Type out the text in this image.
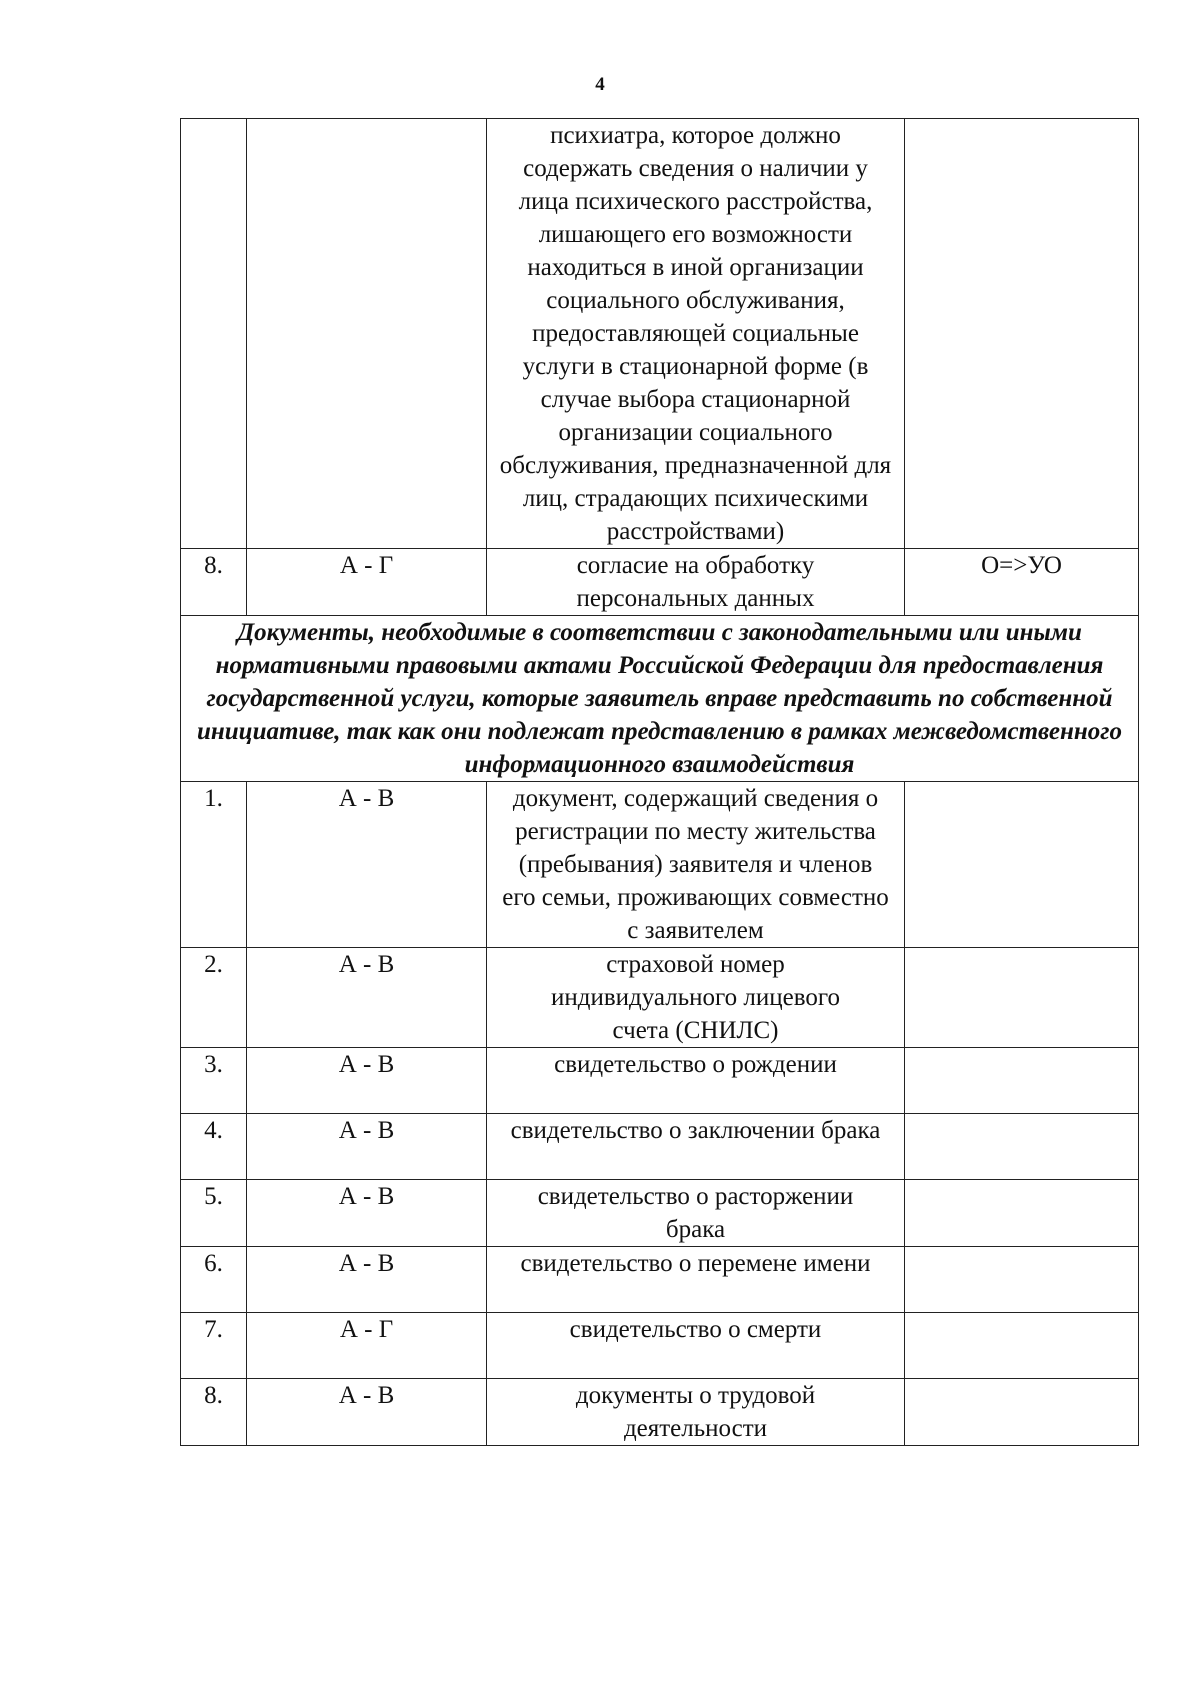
4
		психиатра, которое должно содержать сведения о наличии у лица психического расстройства, лишающего его возможности находиться в иной организации социального обслуживания, предоставляющей социальные услуги в стационарной форме (в случае выбора стационарной организации социального обслуживания, предназначенной для лиц, страдающих психическими расстройствами)	
8.	А - Г	согласие на обработку персональных данных	О=>УО
Документы, необходимые в соответствии с законодательными или иными нормативными правовыми актами Российской Федерации для предоставления государственной услуги, которые заявитель вправе представить по собственной инициативе, так как они подлежат представлению в рамках межведомственного информационного взаимодействия			
1.	А - В	документ, содержащий сведения о регистрации по месту жительства (пребывания) заявителя и членов его семьи, проживающих совместно с заявителем	
2.	А - В	страховой номер индивидуального лицевого счета (СНИЛС)	
3.	А - В	свидетельство о рождении	
4.	А - В	свидетельство о заключении брака	
5.	А - В	свидетельство о расторжении брака	
6.	А - В	свидетельство о перемене имени	
7.	А - Г	свидетельство о смерти	
8.	А - В	документы о трудовой деятельности	
